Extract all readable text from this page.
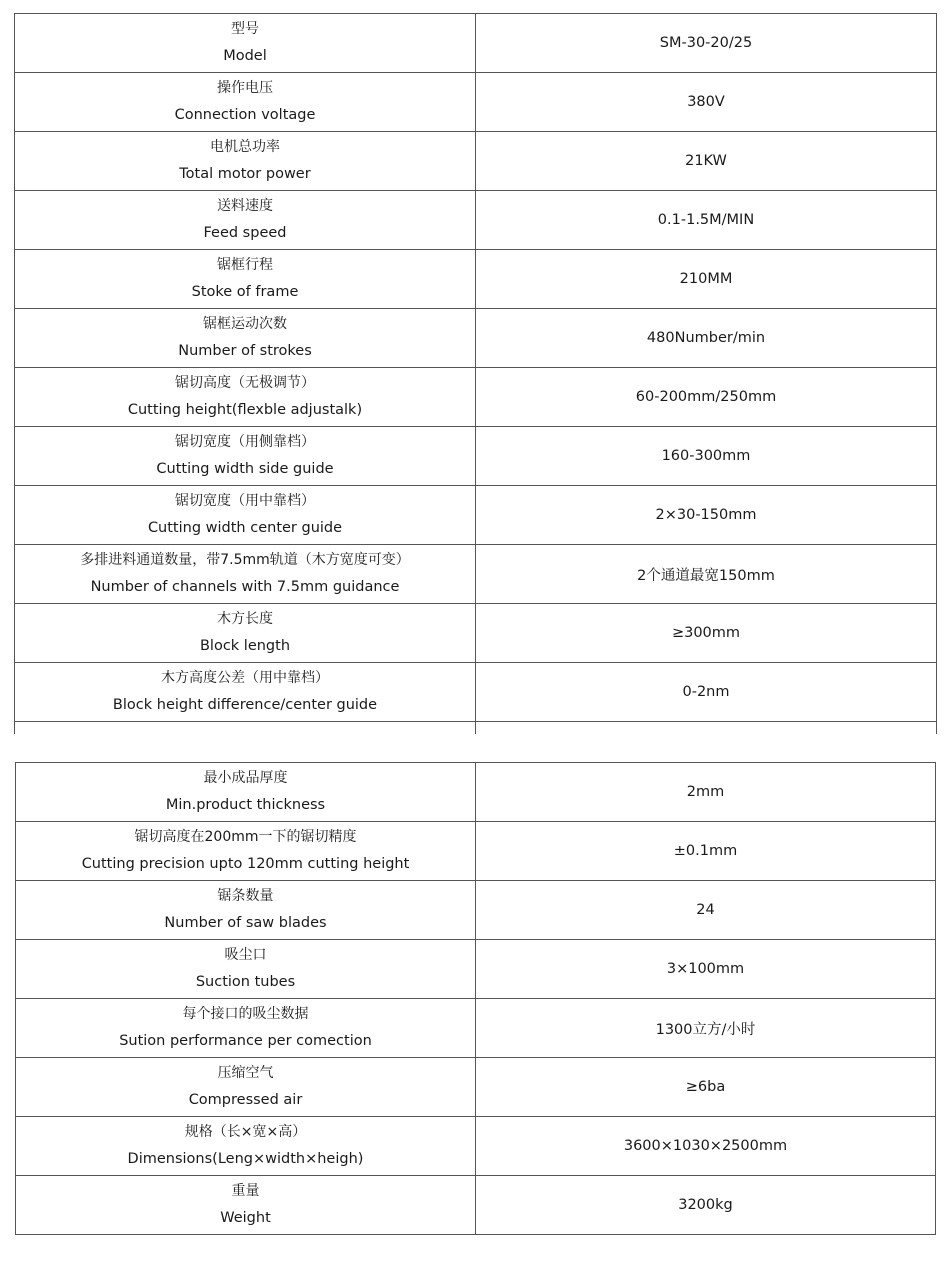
型号
Model	SM-30-20/25

操作电压
Connection voltage	380V

电机总功率
Total motor power	21KW

送料速度
Feed speed	0.1-1.5M/MIN

锯框行程
Stoke of frame	210MM

锯框运动次数
Number of strokes	480Number/min

锯切高度（无极调节）
Cutting height(flexble adjustalk)	60-200mm/250mm

锯切宽度（用侧靠档）
Cutting width side guide	160-300mm

锯切宽度（用中靠档）
Cutting width center guide	2×30-150mm

多排进料通道数量，带7.5mm轨道（木方宽度可变）
Number of channels with 7.5mm guidance	2个通道最宽150mm

木方长度
Block length	≥300mm

木方高度公差（用中靠档）
Block height difference/center guide	0-2nm

最小成品厚度
Min.product thickness	2mm

锯切高度在200mm一下的锯切精度
Cutting precision upto 120mm cutting height	±0.1mm

锯条数量
Number of saw blades	24

吸尘口
Suction tubes	3×100mm

每个接口的吸尘数据
Sution performance per comection	1300立方/小时

压缩空气
Compressed air	≥6ba

规格（长×宽×高）
Dimensions(Leng×width×heigh)	3600×1030×2500mm

重量
Weight	3200kg
